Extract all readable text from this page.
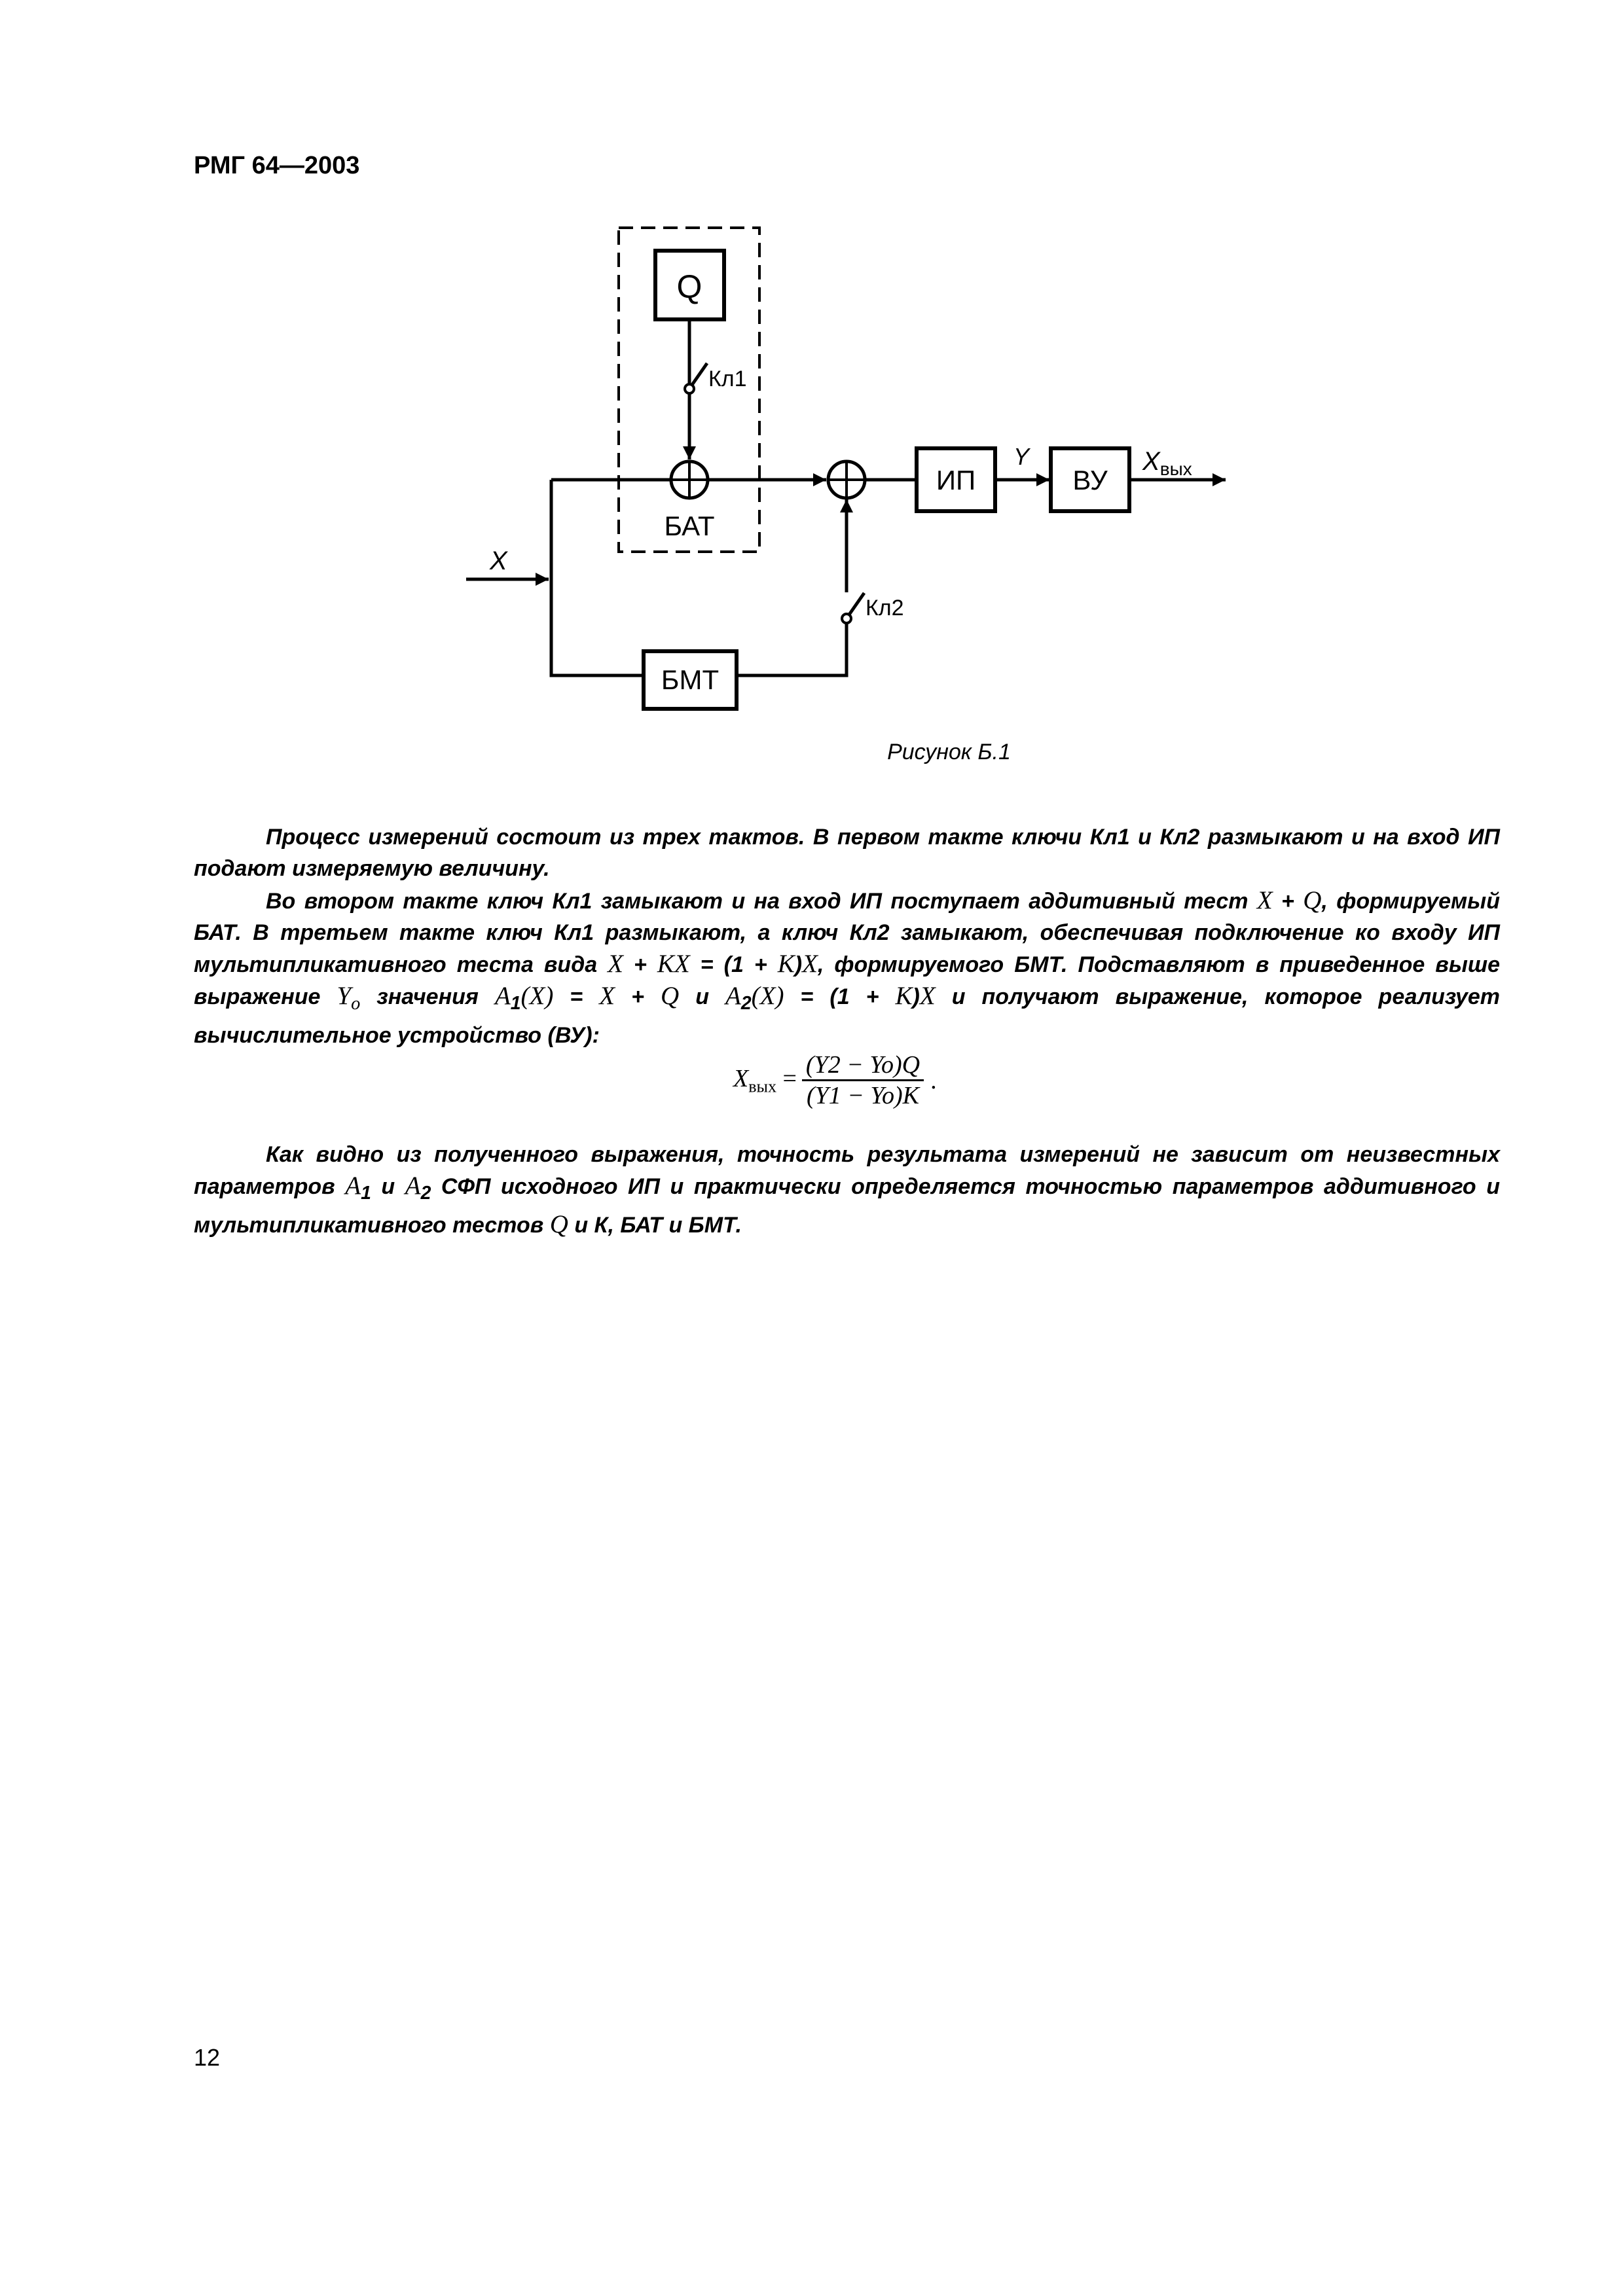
РМГ 64—2003
Q
Кл1
БАТ
X
БМТ
Кл2
ИП
Y
ВУ
$X_{вых}$
Рисунок Б.1

Процесс измерений состоит из трех тактов. В первом такте ключи Кл1 и Кл2 размыкают и на вход ИП подают измеряемую величину.

Во втором такте ключ Кл1 замыкают и на вход ИП поступает аддитивный тест X + Q, формируемый БАТ. В третьем такте ключ Кл1 размыкают, а ключ Кл2 замыкают, обеспечивая подключение ко входу ИП мультипликативного теста вида X + KX = (1 + K)X, формируемого БМТ. Подставляют в приведенное выше выражение $Y_o$ значения $A_1(X) = X + Q$ и $A_2(X) = (1 + K)X$ и получают выражение, которое реализует вычислительное устройство (ВУ):

$X_{вых}$ =	(Y2 − Yo)Q	.
(Y1 − Yo)K

Как видно из полученного выражения, точность результата измерений не зависит от неизвестных параметров $A_1$ и $A_2$ СФП исходного ИП и практически определяется точностью параметров аддитивного и мультипликативного тестов Q и К, БАТ и БМТ.

12
